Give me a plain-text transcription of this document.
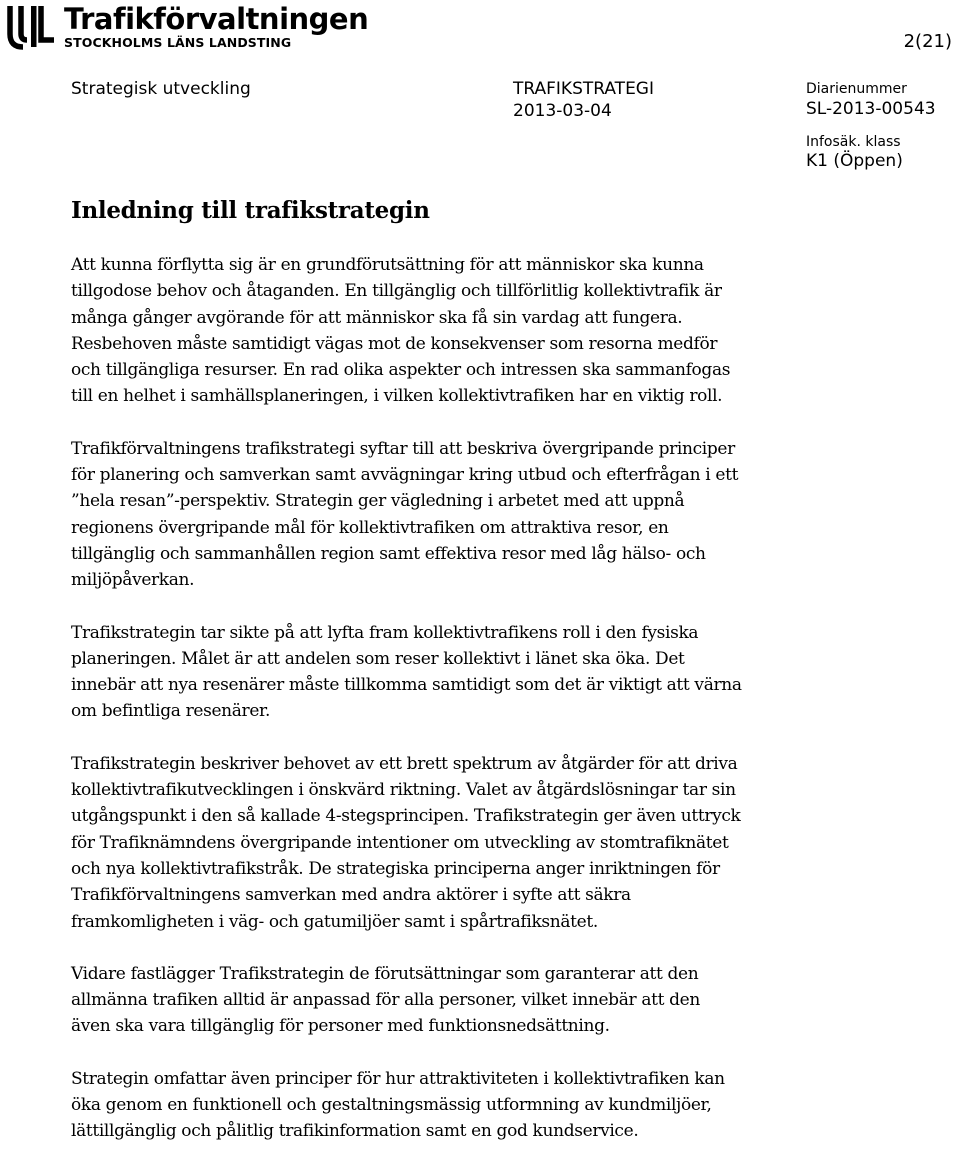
Trafikförvaltningen
STOCKHOLMS LÄNS LANDSTING	2(21)
Strategisk utveckling	TRAFIKSTRATEGI
2013-03-04
Diarienummer
SL-2013-00543
Infosäk. klass
K1 (Öppen)
Inledning till trafikstrategin

Att kunna förflytta sig är en grundförutsättning för att människor ska kunna
tillgodose behov och åtaganden. En tillgänglig och tillförlitlig kollektivtrafik är
många gånger avgörande för att människor ska få sin vardag att fungera.
Resbehoven måste samtidigt vägas mot de konsekvenser som resorna medför
och tillgängliga resurser. En rad olika aspekter och intressen ska sammanfogas
till en helhet i samhällsplaneringen, i vilken kollektivtrafiken har en viktig roll.

Trafikförvaltningens trafikstrategi syftar till att beskriva övergripande principer
för planering och samverkan samt avvägningar kring utbud och efterfrågan i ett
”hela resan”-perspektiv. Strategin ger vägledning i arbetet med att uppnå
regionens övergripande mål för kollektivtrafiken om attraktiva resor, en
tillgänglig och sammanhållen region samt effektiva resor med låg hälso- och
miljöpåverkan.

Trafikstrategin tar sikte på att lyfta fram kollektivtrafikens roll i den fysiska
planeringen. Målet är att andelen som reser kollektivt i länet ska öka. Det
innebär att nya resenärer måste tillkomma samtidigt som det är viktigt att värna
om befintliga resenärer.

Trafikstrategin beskriver behovet av ett brett spektrum av åtgärder för att driva
kollektivtrafikutvecklingen i önskvärd riktning. Valet av åtgärdslösningar tar sin
utgångspunkt i den så kallade 4-stegsprincipen. Trafikstrategin ger även uttryck
för Trafiknämndens övergripande intentioner om utveckling av stomtrafiknätet
och nya kollektivtrafikstråk. De strategiska principerna anger inriktningen för
Trafikförvaltningens samverkan med andra aktörer i syfte att säkra
framkomligheten i väg- och gatumiljöer samt i spårtrafiksnätet.

Vidare fastlägger Trafikstrategin de förutsättningar som garanterar att den
allmänna trafiken alltid är anpassad för alla personer, vilket innebär att den
även ska vara tillgänglig för personer med funktionsnedsättning.

Strategin omfattar även principer för hur attraktiviteten i kollektivtrafiken kan
öka genom en funktionell och gestaltningsmässig utformning av kundmiljöer,
lättillgänglig och pålitlig trafikinformation samt en god kundservice.
